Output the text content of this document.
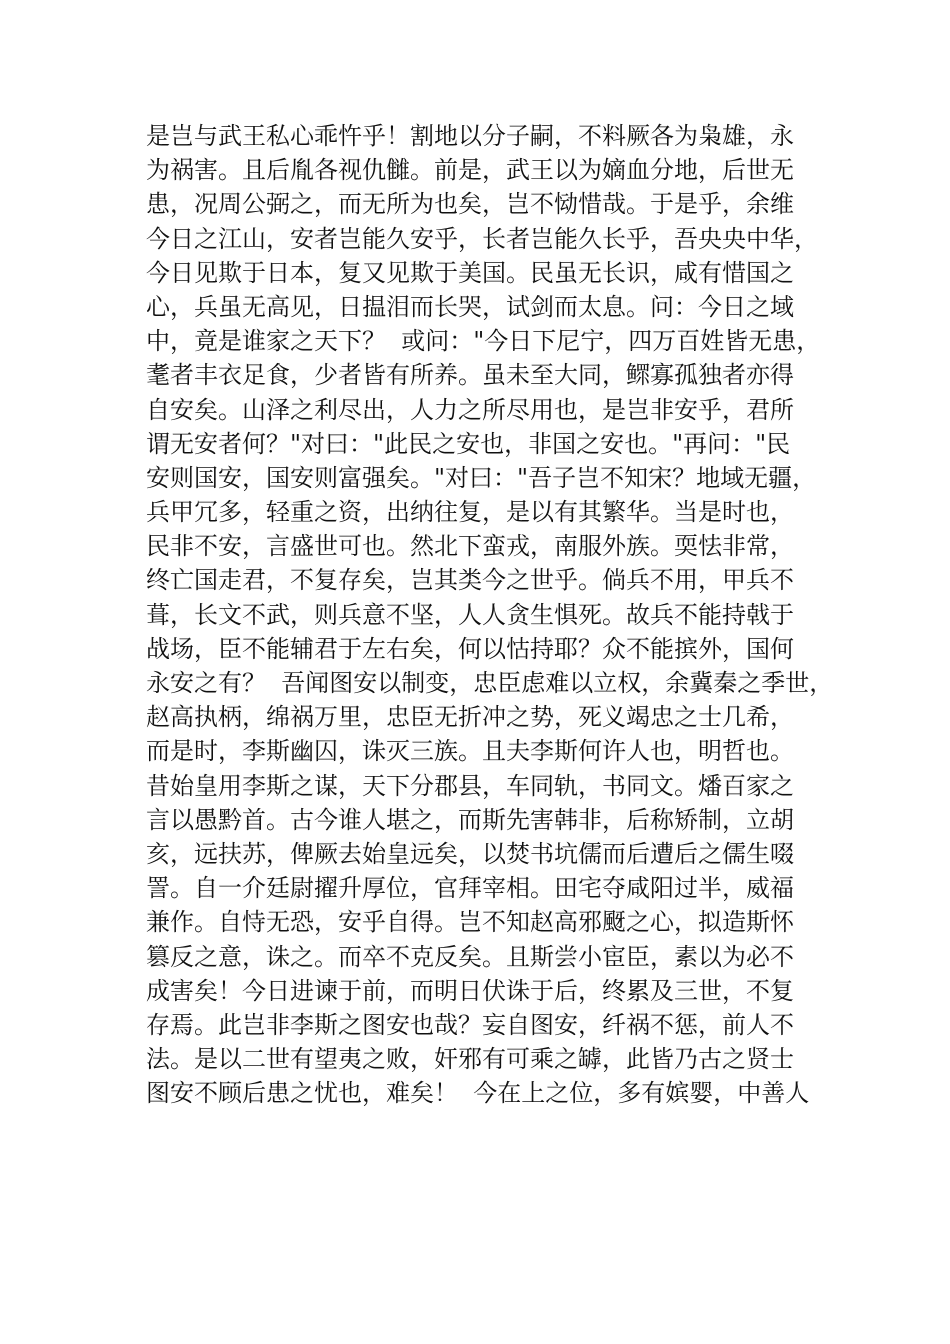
是岂与武王私心乖忤乎！割地以分子嗣，不料厥各为枭雄，永
为祸害。且后胤各视仇雠。前是，武王以为嫡血分地，后世无
患，况周公弼之，而无所为也矣，岂不恸惜哉。于是乎，余维
今日之江山，安者岂能久安乎，长者岂能久长乎，吾央央中华，
今日见欺于日本，复又见欺于美国。民虽无长识，咸有惜国之
心，兵虽无高见，日揾泪而长哭，试剑而太息。问：今日之域
中，竟是谁家之天下？  或问："今日下尼宁，四万百姓皆无患，
耄者丰衣足食，少者皆有所养。虽未至大同，鳏寡孤独者亦得
自安矣。山泽之利尽出，人力之所尽用也，是岂非安乎，君所
谓无安者何？"对曰："此民之安也，非国之安也。"再问："民
安则国安，国安则富强矣。"对曰："吾子岂不知宋？地域无疆，
兵甲冗多，轻重之资，出纳往复，是以有其繁华。当是时也，
民非不安，言盛世可也。然北下蛮戎，南服外族。耎怯非常，
终亡国走君，不复存矣，岂其类今之世乎。倘兵不用，甲兵不
葺，长文不武，则兵意不坚，人人贪生惧死。故兵不能持戟于
战场，臣不能辅君于左右矣，何以怙持耶？众不能摈外，国何
永安之有？  吾闻图安以制变，忠臣虑难以立权，余冀秦之季世，
赵高执柄，绵祸万里，忠臣无折冲之势，死义竭忠之士几希，
而是时，李斯幽囚，诛灭三族。且夫李斯何许人也，明哲也。
昔始皇用李斯之谋，天下分郡县，车同轨，书同文。燔百家之
言以愚黔首。古今谁人堪之，而斯先害韩非，后称矫制，立胡
亥，远扶苏，俾厥去始皇远矣，以焚书坑儒而后遭后之儒生啜
詈。自一介廷尉擢升厚位，官拜宰相。田宅夺咸阳过半，威福
兼作。自恃无恐，安乎自得。岂不知赵高邪颬之心，拟造斯怀
篡反之意，诛之。而卒不克反矣。且斯尝小宦臣，素以为必不
成害矣！今日进谏于前，而明日伏诛于后，终累及三世，不复
存焉。此岂非李斯之图安也哉？妄自图安，纤祸不惩，前人不
法。是以二世有望夷之败，奸邪有可乘之罅，此皆乃古之贤士
图安不顾后患之忧也，难矣！  今在上之位，多有嫔婴，中善人
